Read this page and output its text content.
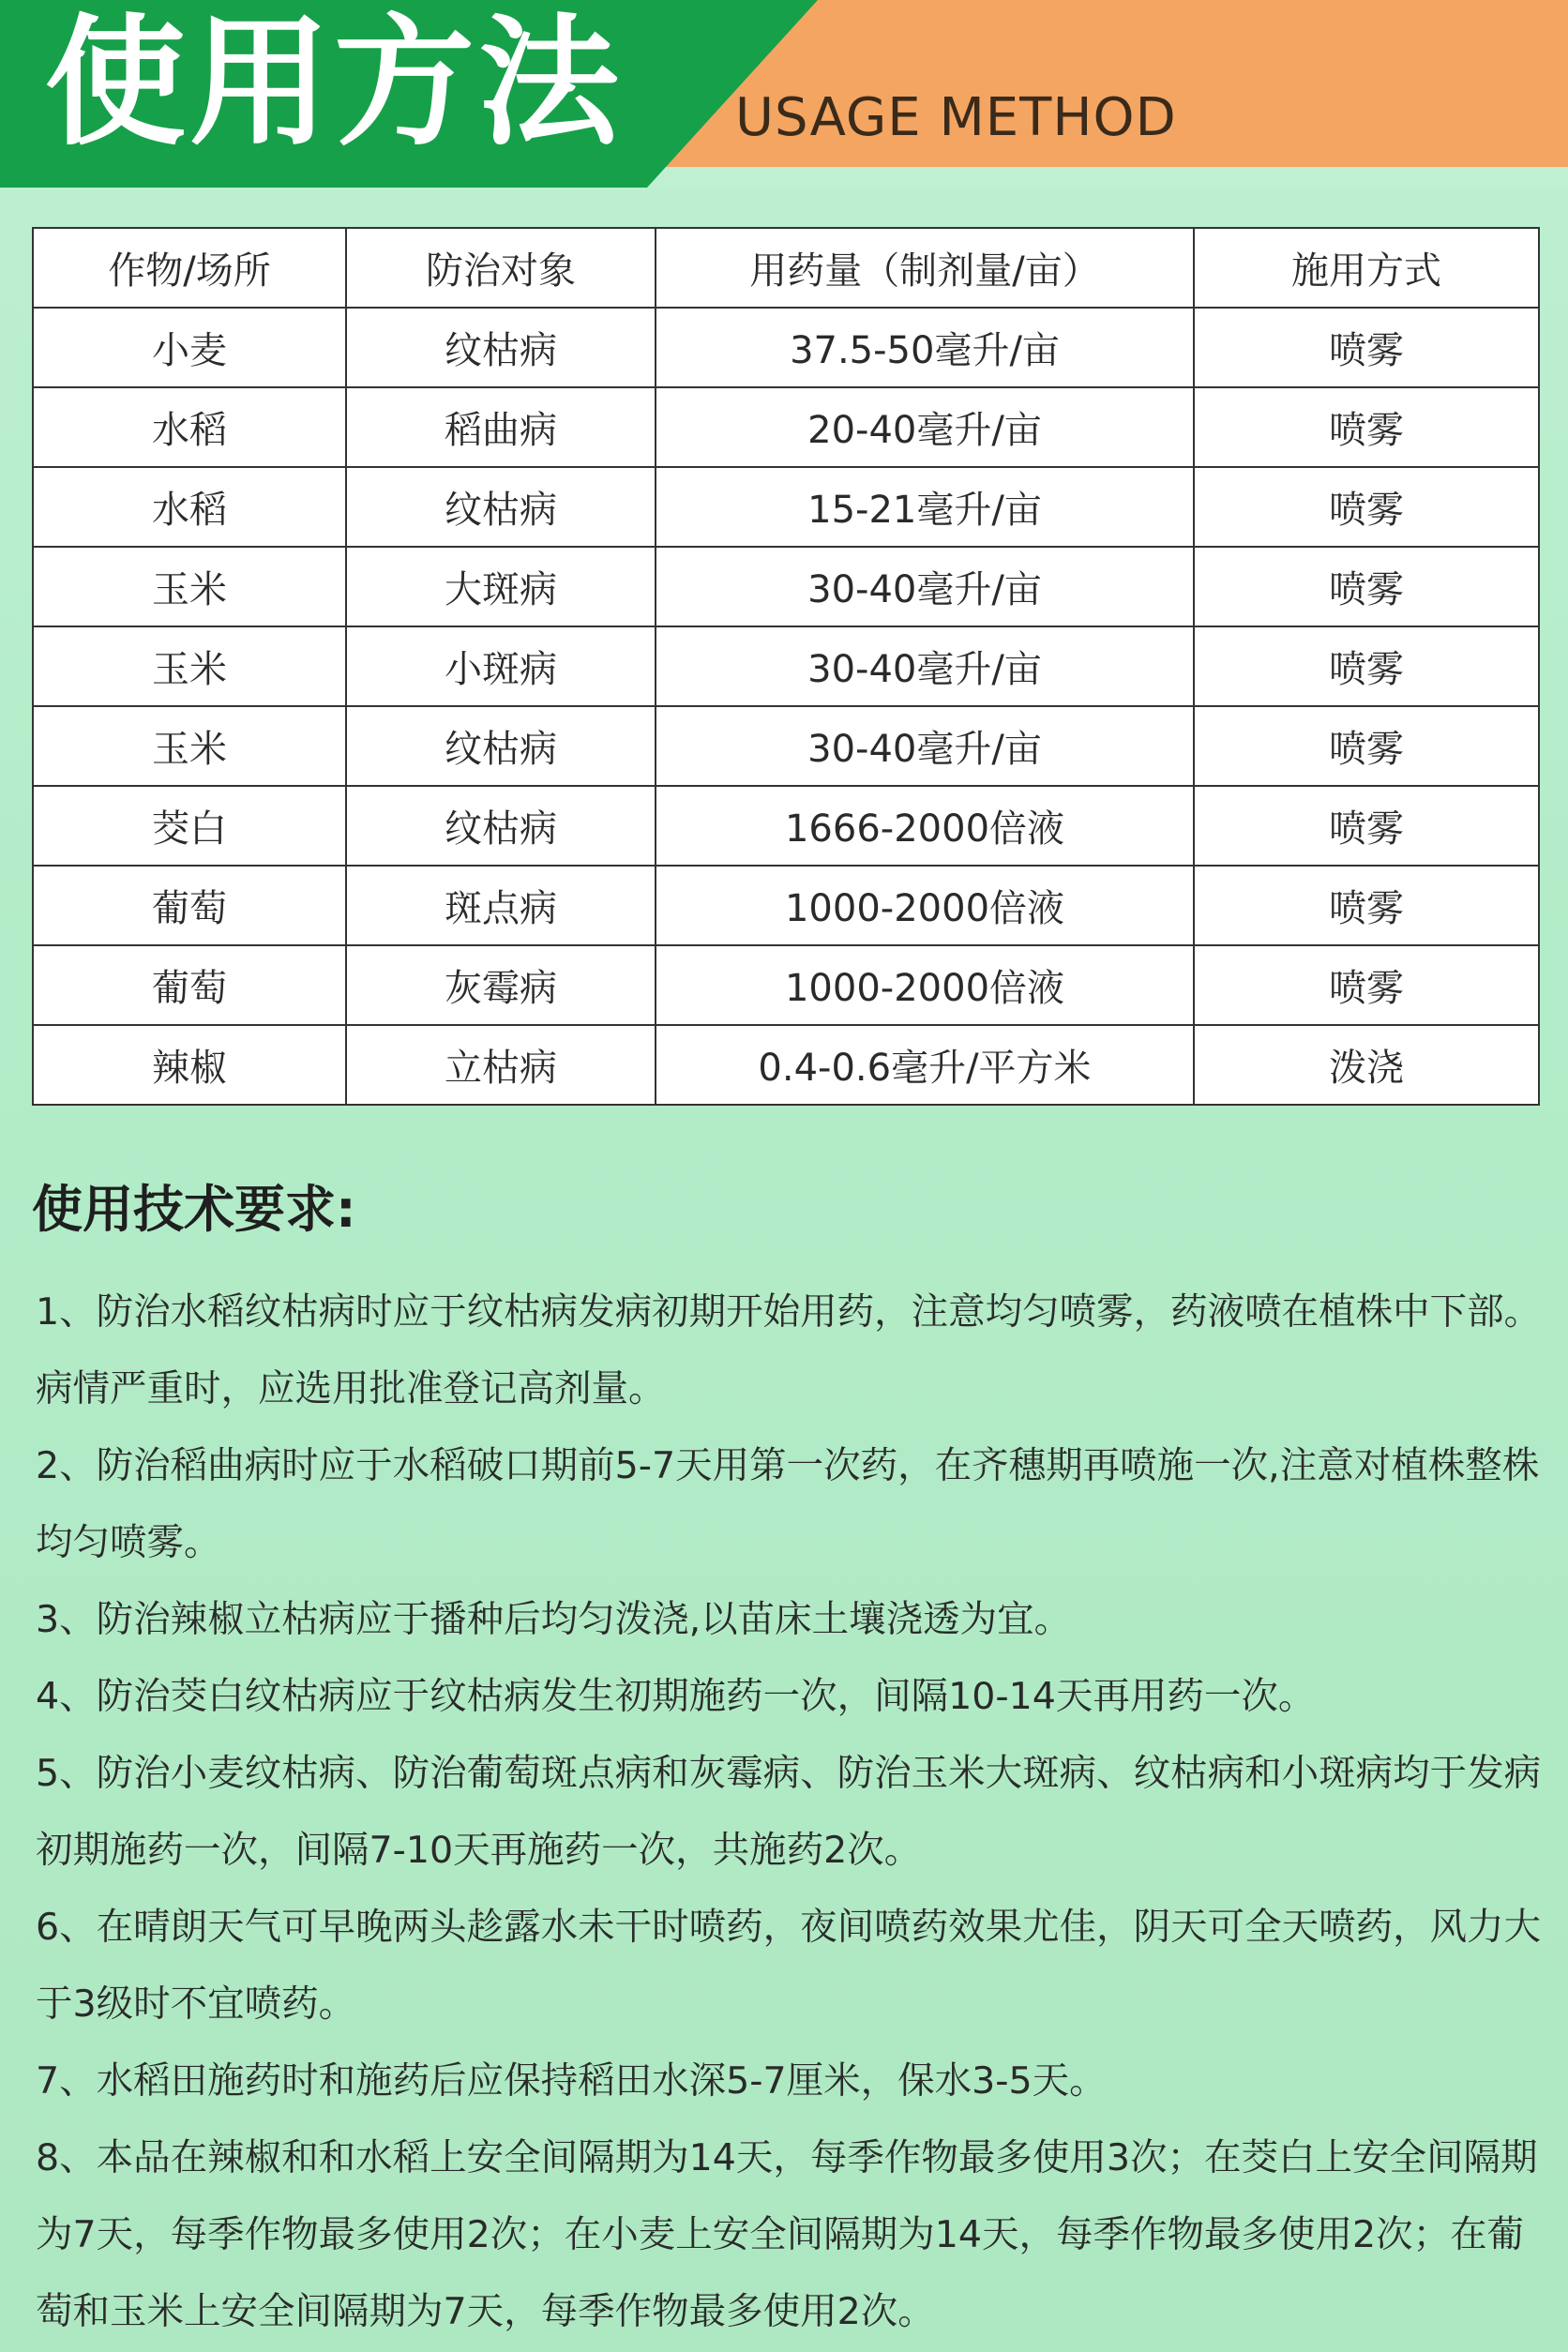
使用方法 USAGE METHOD
作物/场所	防治对象	用药量（制剂量/亩）	施用方式
小麦	纹枯病	37.5-50毫升/亩	喷雾
水稻	稻曲病	20-40毫升/亩	喷雾
水稻	纹枯病	15-21毫升/亩	喷雾
玉米	大斑病	30-40毫升/亩	喷雾
玉米	小斑病	30-40毫升/亩	喷雾
玉米	纹枯病	30-40毫升/亩	喷雾
茭白	纹枯病	1666-2000倍液	喷雾
葡萄	斑点病	1000-2000倍液	喷雾
葡萄	灰霉病	1000-2000倍液	喷雾
辣椒	立枯病	0.4-0.6毫升/平方米	泼浇
使用技术要求:
1、防治水稻纹枯病时应于纹枯病发病初期开始用药，注意均匀喷雾，药液喷在植株中下部。病情严重时，应选用批准登记高剂量。
2、防治稻曲病时应于水稻破口期前5-7天用第一次药，在齐穗期再喷施一次,注意对植株整株均匀喷雾。
3、防治辣椒立枯病应于播种后均匀泼浇,以苗床土壤浇透为宜。
4、防治茭白纹枯病应于纹枯病发生初期施药一次，间隔10-14天再用药一次。
5、防治小麦纹枯病、防治葡萄斑点病和灰霉病、防治玉米大斑病、纹枯病和小斑病均于发病初期施药一次，间隔7-10天再施药一次，共施药2次。
6、在晴朗天气可早晚两头趁露水未干时喷药，夜间喷药效果尤佳，阴天可全天喷药，风力大于3级时不宜喷药。
7、水稻田施药时和施药后应保持稻田水深5-7厘米，保水3-5天。
8、本品在辣椒和和水稻上安全间隔期为14天，每季作物最多使用3次；在茭白上安全间隔期为7天，每季作物最多使用2次；在小麦上安全间隔期为14天，每季作物最多使用2次；在葡萄和玉米上安全间隔期为7天，每季作物最多使用2次。
